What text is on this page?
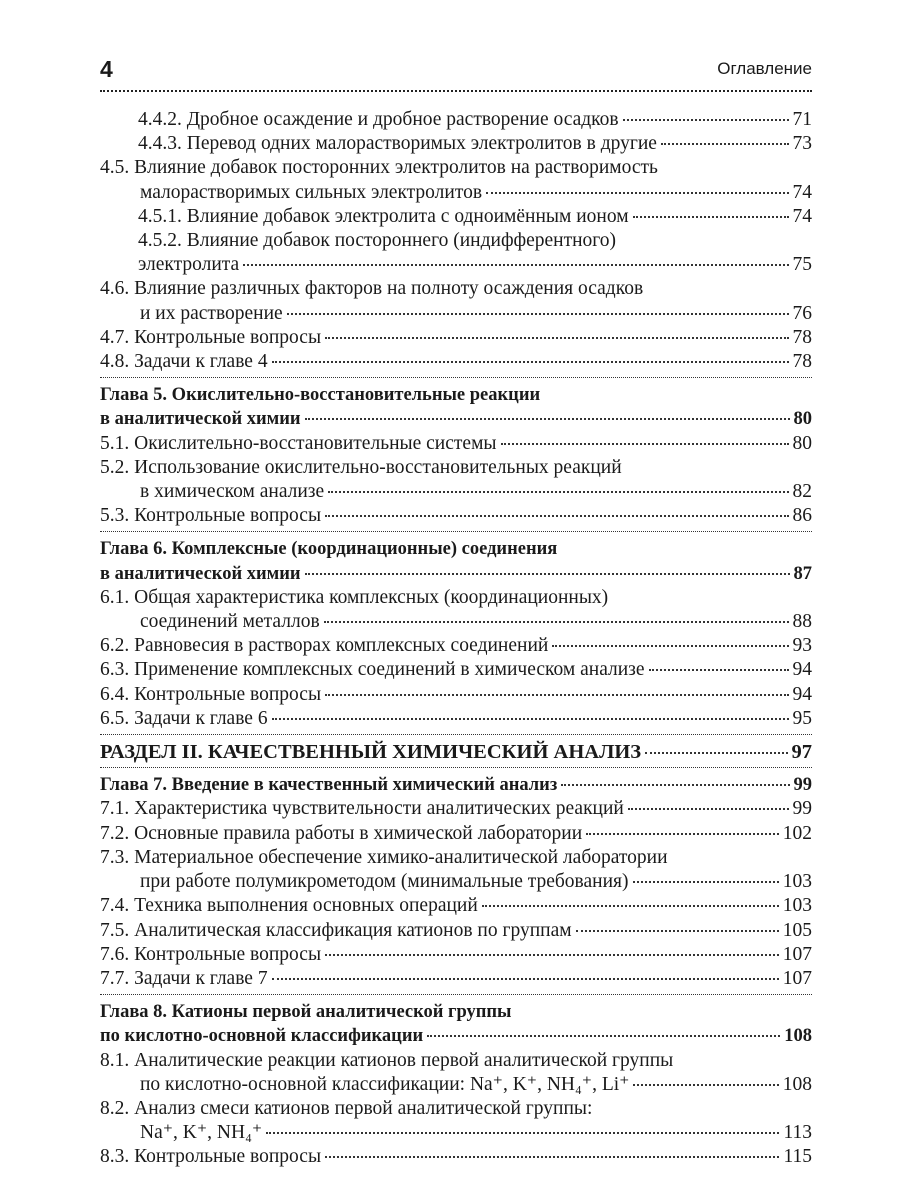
4	Оглавление
4.4.2. Дробное осаждение и дробное растворение осадков	71
4.4.3. Перевод одних малорастворимых электролитов в другие	73
4.5. Влияние добавок посторонних электролитов на растворимость
малорастворимых сильных электролитов	74
4.5.1. Влияние добавок электролита с одноимённым ионом	74
4.5.2. Влияние добавок постороннего (индифферентного)
электролита	75
4.6. Влияние различных факторов на полноту осаждения осадков
и их растворение	76
4.7. Контрольные вопросы	78
4.8. Задачи к главе 4	78
Глава 5. Окислительно-восстановительные реакции
в аналитической химии	80
5.1. Окислительно-восстановительные системы	80
5.2. Использование окислительно-восстановительных реакций
в химическом анализе	82
5.3. Контрольные вопросы	86
Глава 6. Комплексные (координационные) соединения
в аналитической химии	87
6.1. Общая характеристика комплексных (координационных)
соединений металлов	88
6.2. Равновесия в растворах комплексных соединений	93
6.3. Применение комплексных соединений в химическом анализе	94
6.4. Контрольные вопросы	94
6.5. Задачи к главе 6	95
РАЗДЕЛ II. КАЧЕСТВЕННЫЙ ХИМИЧЕСКИЙ АНАЛИЗ	97
Глава 7. Введение в качественный химический анализ	99
7.1. Характеристика чувствительности аналитических реакций	99
7.2. Основные правила работы в химической лаборатории	102
7.3. Материальное обеспечение химико-аналитической лаборатории
при работе полумикрометодом (минимальные требования)	103
7.4. Техника выполнения основных операций	103
7.5. Аналитическая классификация катионов по группам	105
7.6. Контрольные вопросы	107
7.7. Задачи к главе 7	107
Глава 8. Катионы первой аналитической группы
по кислотно-основной классификации	108
8.1. Аналитические реакции катионов первой аналитической группы
по кислотно-основной классификации: Na⁺, K⁺, NH₄⁺, Li⁺	108
8.2. Анализ смеси катионов первой аналитической группы:
Na⁺, K⁺, NH₄⁺	113
8.3. Контрольные вопросы	115
